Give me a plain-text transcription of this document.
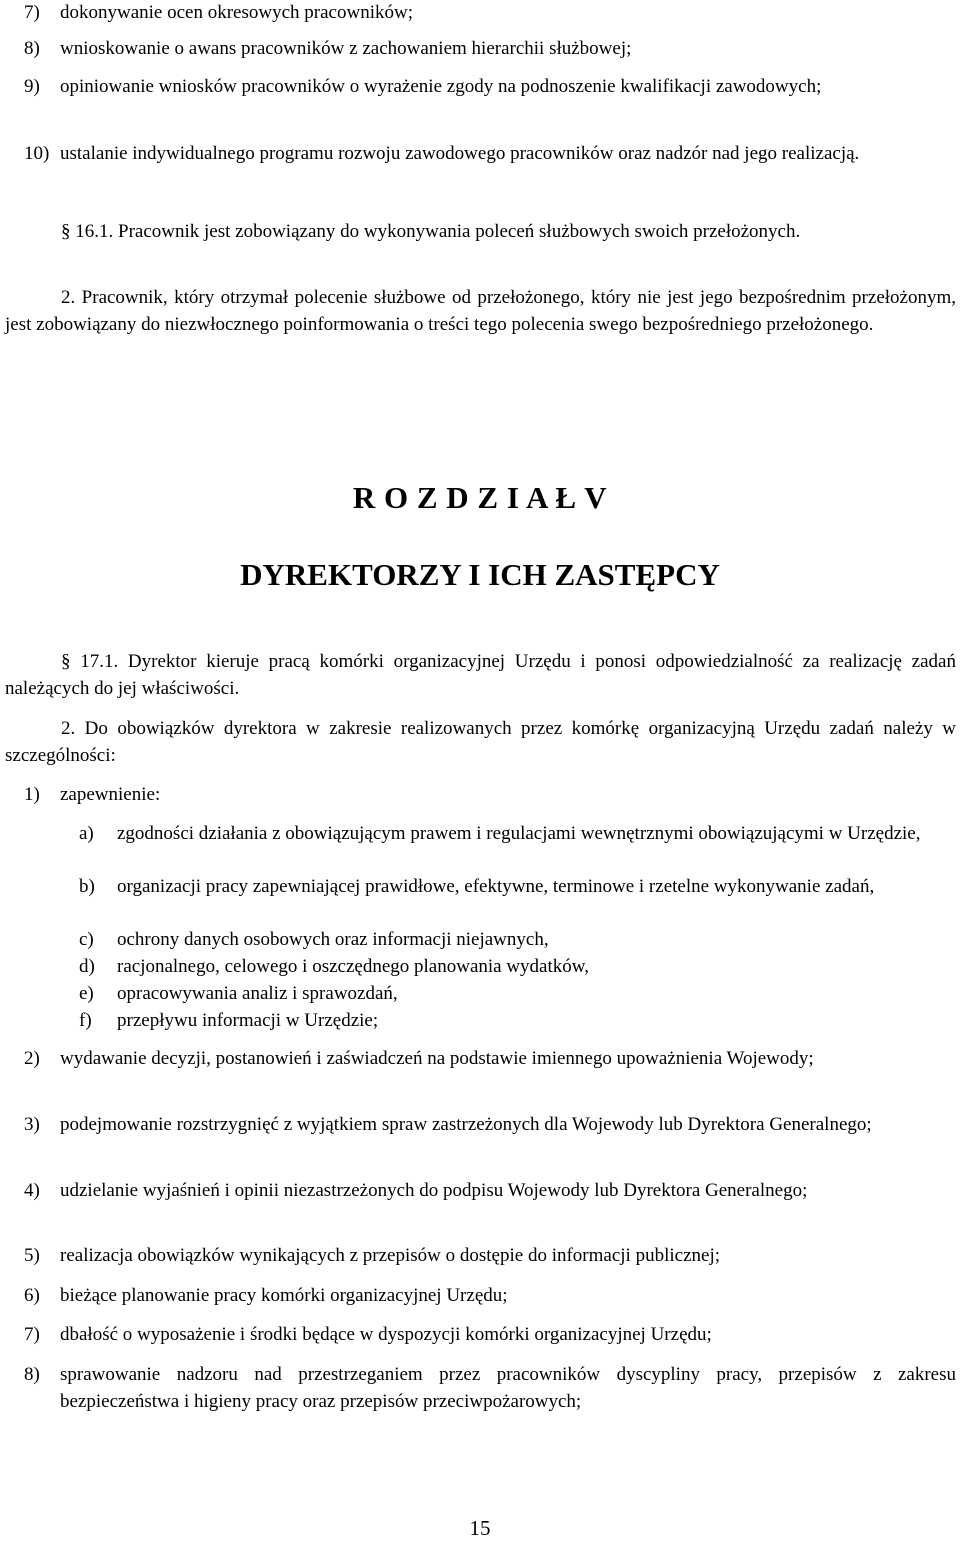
7) dokonywanie ocen okresowych pracowników;
8) wnioskowanie o awans pracowników z zachowaniem hierarchii służbowej;
9) opiniowanie wniosków pracowników o wyrażenie zgody na podnoszenie kwalifikacji zawodowych;
10) ustalanie indywidualnego programu rozwoju zawodowego pracowników oraz nadzór nad jego realizacją.
§ 16.1. Pracownik jest zobowiązany do wykonywania poleceń służbowych swoich przełożonych.
2. Pracownik, który otrzymał polecenie służbowe od przełożonego, który nie jest jego bezpośrednim przełożonym, jest zobowiązany do niezwłocznego poinformowania o treści tego polecenia swego bezpośredniego przełożonego.
R O Z D Z I A Ł V
DYREKTORZY I ICH ZASTĘPCY
§ 17.1. Dyrektor kieruje pracą komórki organizacyjnej Urzędu i ponosi odpowiedzialność za realizację zadań należących do jej właściwości.
2. Do obowiązków dyrektora w zakresie realizowanych przez komórkę organizacyjną Urzędu zadań należy w szczególności:
1) zapewnienie:
a) zgodności działania z obowiązującym prawem i regulacjami wewnętrznymi obowiązującymi w Urzędzie,
b) organizacji pracy zapewniającej prawidłowe, efektywne, terminowe i rzetelne wykonywanie zadań,
c) ochrony danych osobowych oraz informacji niejawnych,
d) racjonalnego, celowego i oszczędnego planowania wydatków,
e) opracowywania analiz i sprawozdań,
f) przepływu informacji w Urzędzie;
2) wydawanie decyzji, postanowień i zaświadczeń na podstawie imiennego upoważnienia Wojewody;
3) podejmowanie rozstrzygnięć z wyjątkiem spraw zastrzeżonych dla Wojewody lub Dyrektora Generalnego;
4) udzielanie wyjaśnień i opinii niezastrzeżonych do podpisu Wojewody lub Dyrektora Generalnego;
5) realizacja obowiązków wynikających z przepisów o dostępie do informacji publicznej;
6) bieżące planowanie pracy komórki organizacyjnej Urzędu;
7) dbałość o wyposażenie i środki będące w dyspozycji komórki organizacyjnej Urzędu;
8) sprawowanie nadzoru nad przestrzeganiem przez pracowników dyscypliny pracy, przepisów z zakresu bezpieczeństwa i higieny pracy oraz przepisów przeciwpożarowych;
15
